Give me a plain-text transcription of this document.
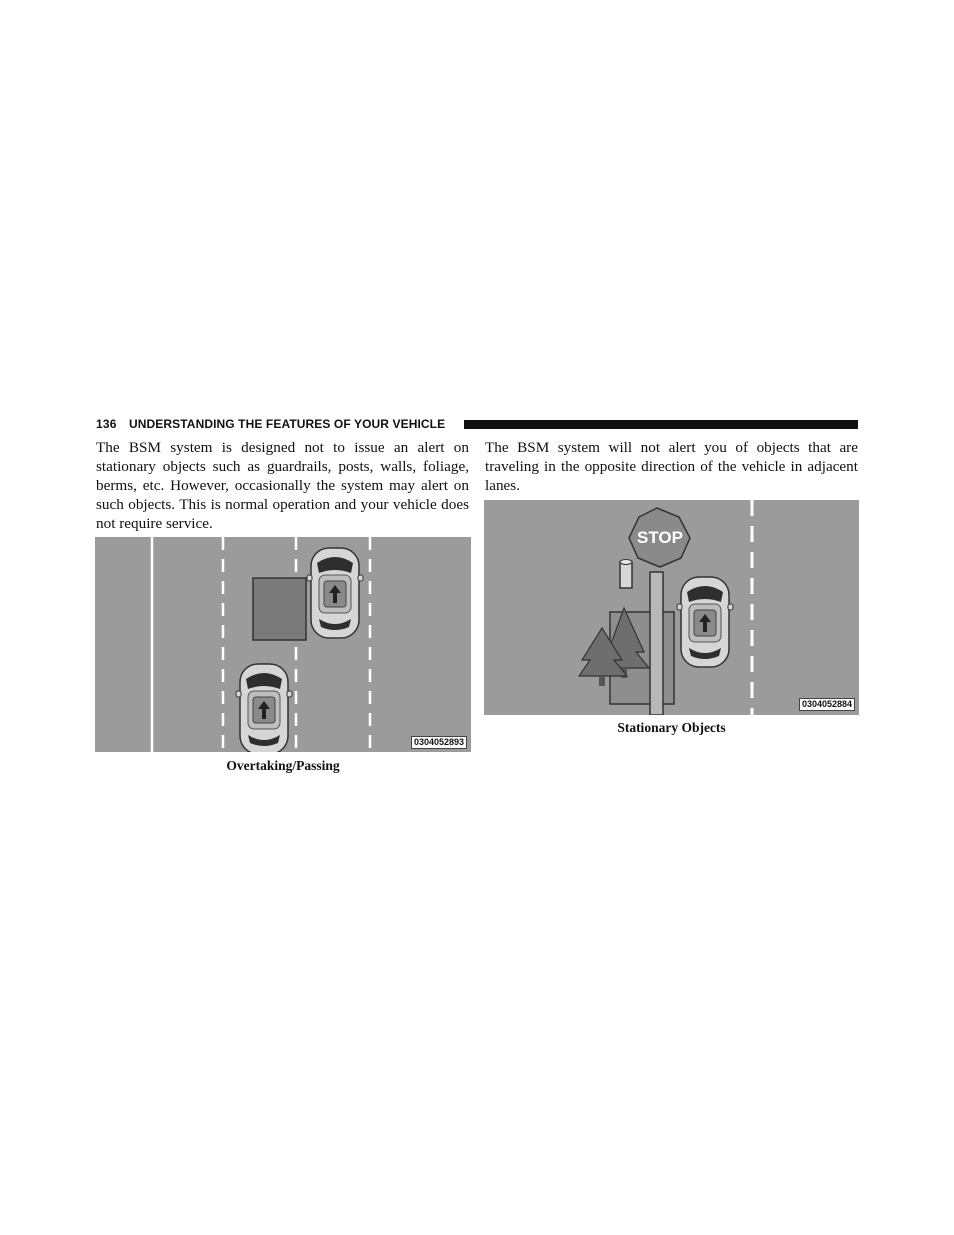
136 UNDERSTANDING THE FEATURES OF YOUR VEHICLE

The BSM system is designed not to issue an alert on stationary objects such as guardrails, posts, walls, foliage, berms, etc. However, occasionally the system may alert on such objects. This is normal operation and your vehicle does not require service.

The BSM system will not alert you of objects that are traveling in the opposite direction of the vehicle in adjacent lanes.

0304052893
Overtaking/Passing
STOP
0304052884
Stationary Objects
